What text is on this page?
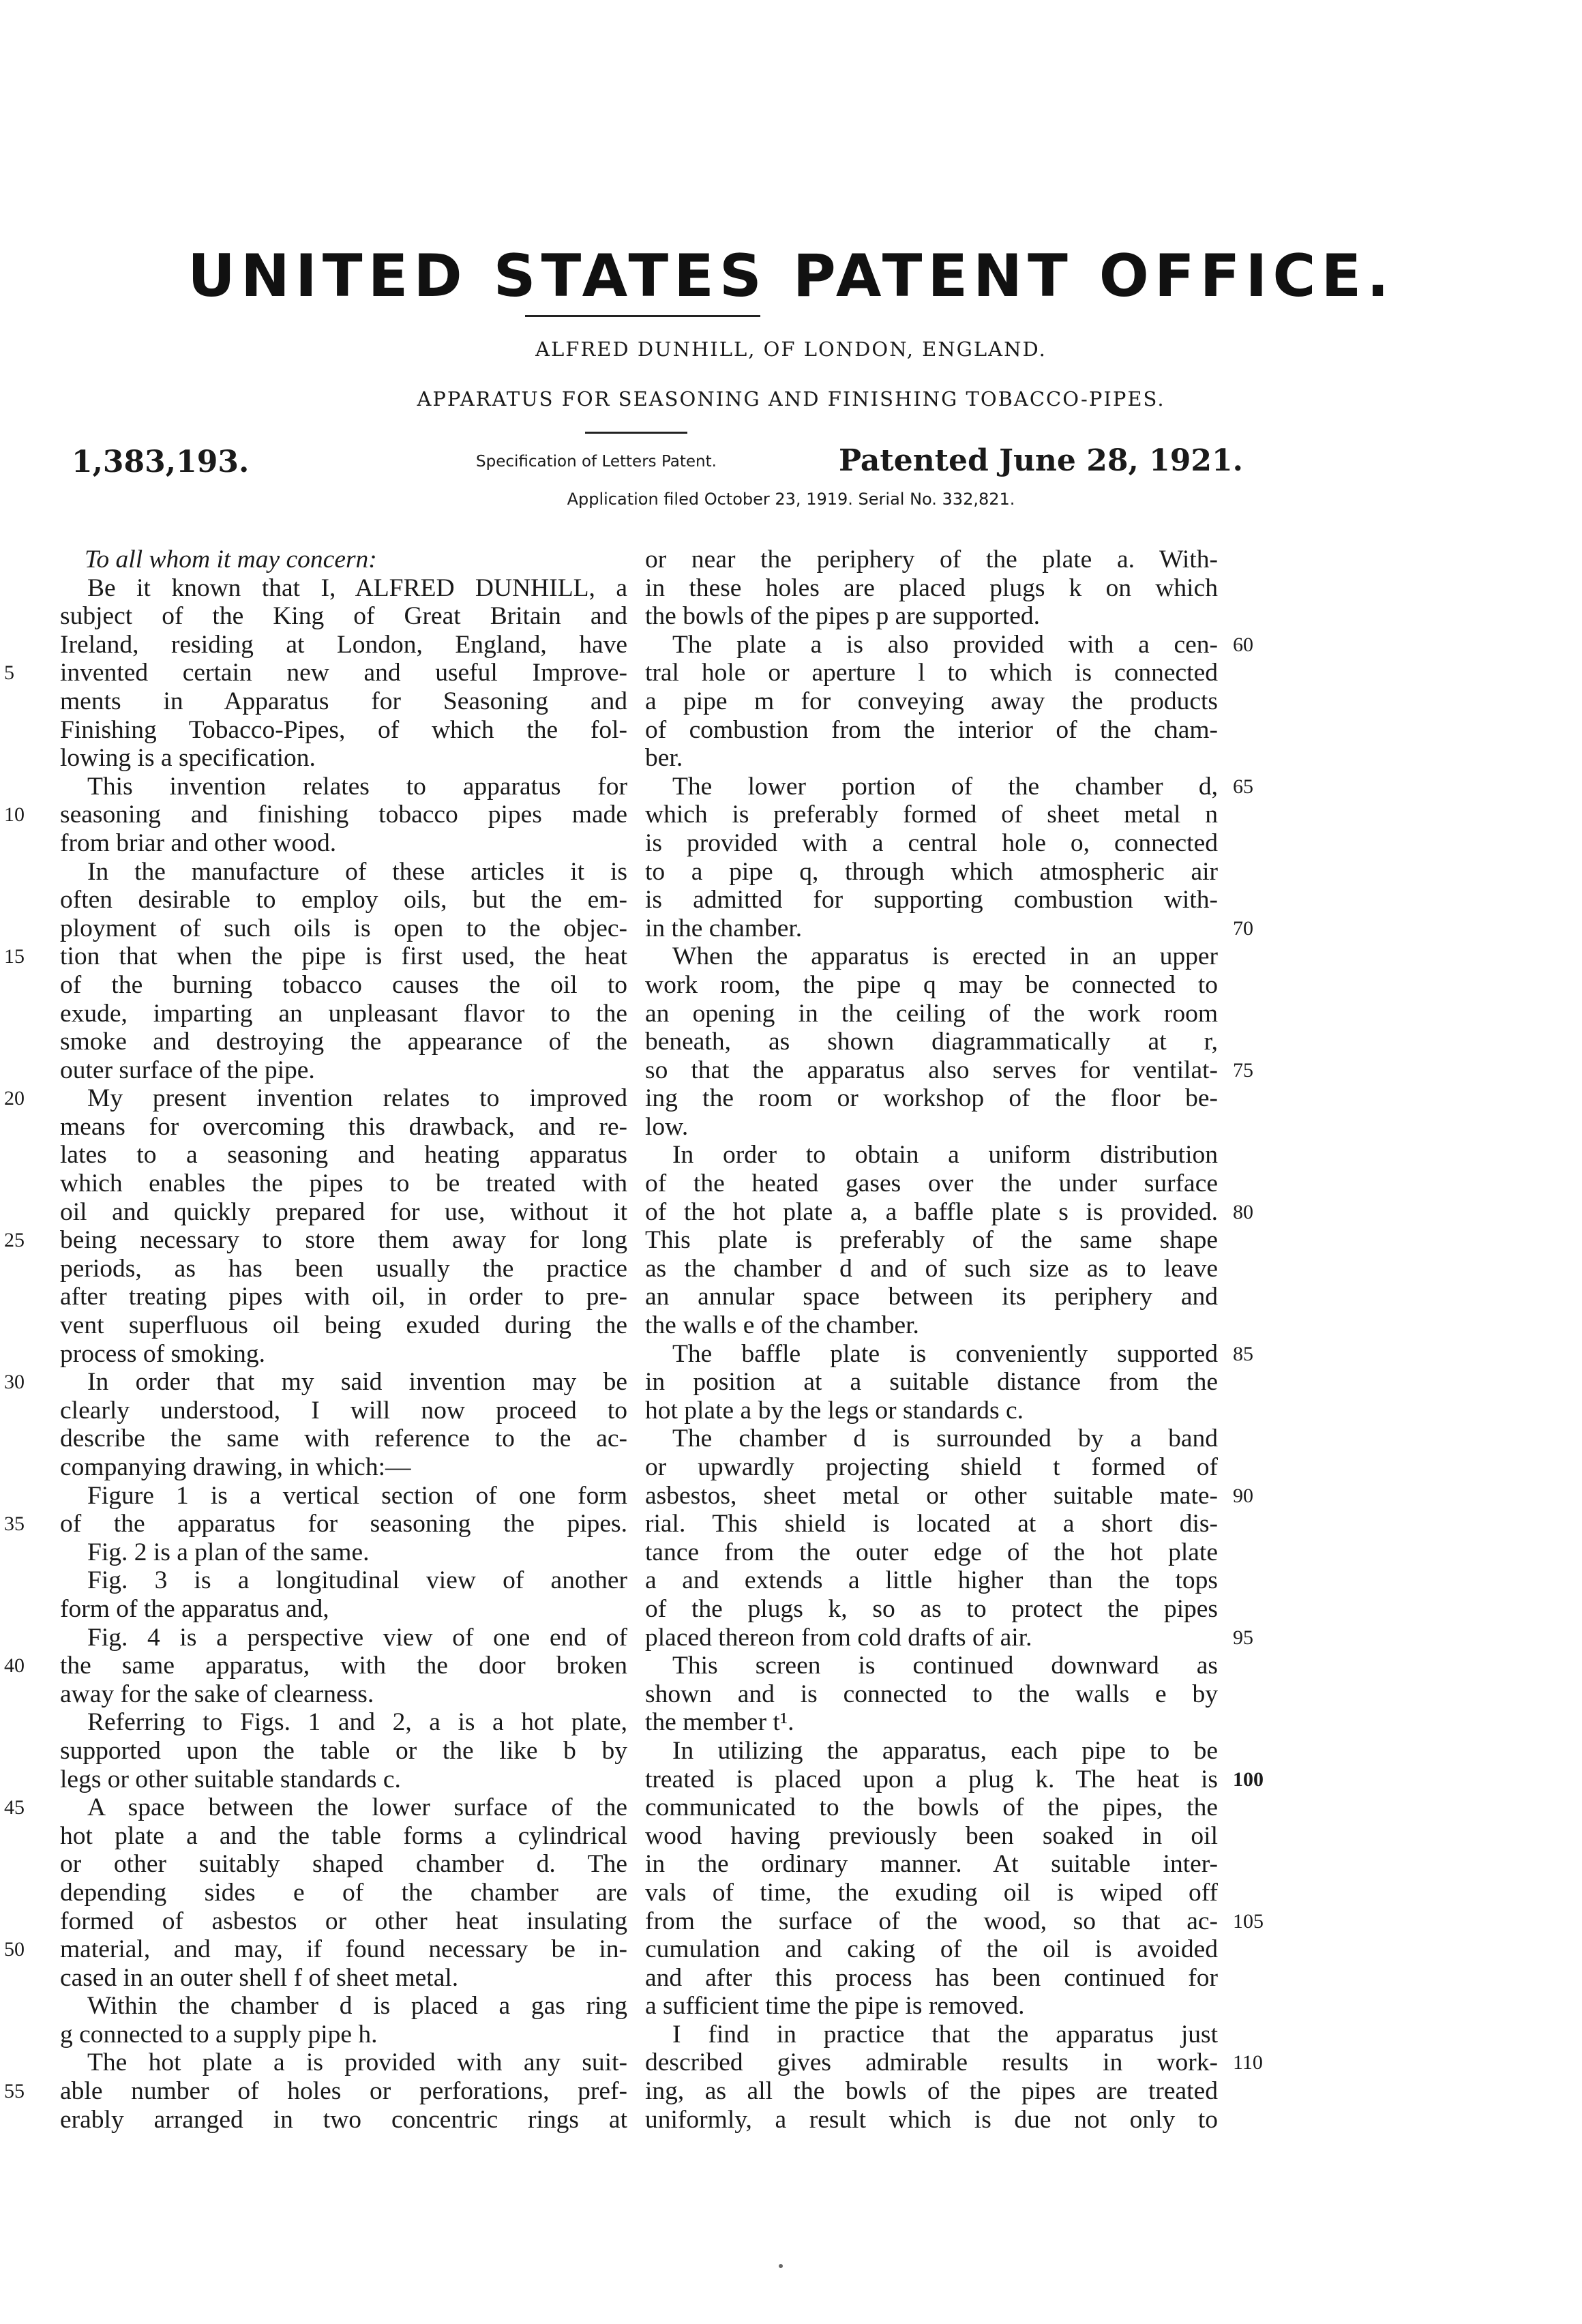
UNITED STATES PATENT OFFICE.
ALFRED DUNHILL, OF LONDON, ENGLAND.
APPARATUS FOR SEASONING AND FINISHING TOBACCO-PIPES.
1,383,193.	Specification of Letters Patent.	Patented June 28, 1921.
Application filed October 23, 1919. Serial No. 332,821.
To all whom it may concern:
Be it known that I, ALFRED DUNHILL, a
subject of the King of Great Britain and
Ireland, residing at London, England, have
invented certain new and useful Improve-
5
ments in Apparatus for Seasoning and
Finishing Tobacco-Pipes, of which the fol-
lowing is a specification.
This invention relates to apparatus for
seasoning and finishing tobacco pipes made
10
from briar and other wood.
In the manufacture of these articles it is
often desirable to employ oils, but the em-
ployment of such oils is open to the objec-
tion that when the pipe is first used, the heat
15
of the burning tobacco causes the oil to
exude, imparting an unpleasant flavor to the
smoke and destroying the appearance of the
outer surface of the pipe.
My present invention relates to improved
20
means for overcoming this drawback, and re-
lates to a seasoning and heating apparatus
which enables the pipes to be treated with
oil and quickly prepared for use, without it
being necessary to store them away for long
25
periods, as has been usually the practice
after treating pipes with oil, in order to pre-
vent superfluous oil being exuded during the
process of smoking.
In order that my said invention may be
30
clearly understood, I will now proceed to
describe the same with reference to the ac-
companying drawing, in which:—
Figure 1 is a vertical section of one form
of the apparatus for seasoning the pipes.
35
Fig. 2 is a plan of the same.
Fig. 3 is a longitudinal view of another
form of the apparatus and,
Fig. 4 is a perspective view of one end of
the same apparatus, with the door broken
40
away for the sake of clearness.
Referring to Figs. 1 and 2, a is a hot plate,
supported upon the table or the like b by
legs or other suitable standards c.
A space between the lower surface of the
45
hot plate a and the table forms a cylindrical
or other suitably shaped chamber d. The
depending sides e of the chamber are
formed of asbestos or other heat insulating
material, and may, if found necessary be in-
50
cased in an outer shell f of sheet metal.
Within the chamber d is placed a gas ring
g connected to a supply pipe h.
The hot plate a is provided with any suit-
able number of holes or perforations, pref-
55
erably arranged in two concentric rings at
or near the periphery of the plate a. With-
in these holes are placed plugs k on which
the bowls of the pipes p are supported.
The plate a is also provided with a cen- 60
tral hole or aperture l to which is connected
a pipe m for conveying away the products
of combustion from the interior of the cham-
ber.
The lower portion of the chamber d, 65
which is preferably formed of sheet metal n
is provided with a central hole o, connected
to a pipe q, through which atmospheric air
is admitted for supporting combustion with-
in the chamber.	70
When the apparatus is erected in an upper
work room, the pipe q may be connected to
an opening in the ceiling of the work room
beneath, as shown diagrammatically at r,
so that the apparatus also serves for ventilat- 75
ing the room or workshop of the floor be-
low.
In order to obtain a uniform distribution
of the heated gases over the under surface
of the hot plate a, a baffle plate s is provided. 80
This plate is preferably of the same shape
as the chamber d and of such size as to leave
an annular space between its periphery and
the walls e of the chamber.
The baffle plate is conveniently supported 85
in position at a suitable distance from the
hot plate a by the legs or standards c.
The chamber d is surrounded by a band
or upwardly projecting shield t formed of
asbestos, sheet metal or other suitable mate- 90
rial. This shield is located at a short dis-
tance from the outer edge of the hot plate
a and extends a little higher than the tops
of the plugs k, so as to protect the pipes
placed thereon from cold drafts of air.	95
This screen is continued downward as
shown and is connected to the walls e by
the member t¹.
In utilizing the apparatus, each pipe to be
treated is placed upon a plug k. The heat is 100
communicated to the bowls of the pipes, the
wood having previously been soaked in oil
in the ordinary manner. At suitable inter-
vals of time, the exuding oil is wiped off
from the surface of the wood, so that ac- 105
cumulation and caking of the oil is avoided
and after this process has been continued for
a sufficient time the pipe is removed.
I find in practice that the apparatus just
described gives admirable results in work- 110
ing, as all the bowls of the pipes are treated
uniformly, a result which is due not only to
